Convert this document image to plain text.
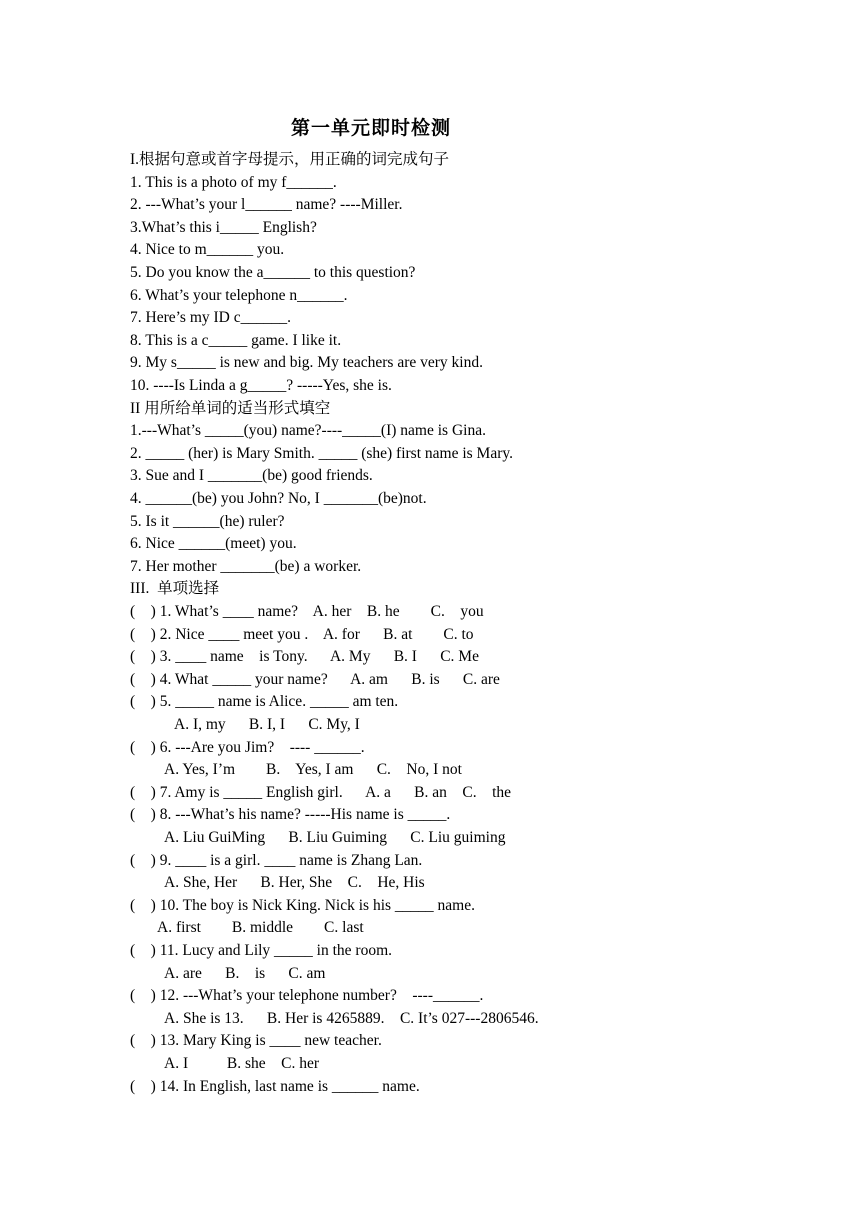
第一单元即时检测
I.根据句意或首字母提示，用正确的词完成句子
1. This is a photo of my f______.
2. ---What’s your l______ name? ----Miller.
3.What’s this i_____ English?
4. Nice to m______ you.
5. Do you know the a______ to this question?
6. What’s your telephone n______.
7. Here’s my ID c______.
8. This is a c_____ game. I like it.
9. My s_____ is new and big. My teachers are very kind.
10. ----Is Linda a g_____? -----Yes, she is.
II 用所给单词的适当形式填空
1.---What’s _____(you) name?----_____(I) name is Gina.
2. _____ (her) is Mary Smith. _____ (she) first name is Mary.
3. Sue and I _______(be) good friends.
4. ______(be) you John? No, I _______(be)not.
5. Is it ______(he) ruler?
6. Nice ______(meet) you.
7. Her mother _______(be) a worker.
III.  单项选择
(    ) 1. What’s ____ name?    A. her    B. he        C.    you
(    ) 2. Nice ____ meet you .    A. for      B. at        C. to
(    ) 3. ____ name    is Tony.      A. My      B. I      C. Me
(    ) 4. What _____ your name?      A. am      B. is      C. are
(    ) 5. _____ name is Alice. _____ am ten.
A. I, my      B. I, I      C. My, I
(    ) 6. ---Are you Jim?    ---- ______.
A. Yes, I’m        B.    Yes, I am      C.    No, I not
(    ) 7. Amy is _____ English girl.      A. a      B. an    C.    the
(    ) 8. ---What’s his name? -----His name is _____.
A. Liu GuiMing      B. Liu Guiming      C. Liu guiming
(    ) 9. ____ is a girl. ____ name is Zhang Lan.
A. She, Her      B. Her, She    C.    He, His
(    ) 10. The boy is Nick King. Nick is his _____ name.
A. first        B. middle        C. last
(    ) 11. Lucy and Lily _____ in the room.
A. are      B.    is      C. am
(    ) 12. ---What’s your telephone number?    ----______.
A. She is 13.      B. Her is 4265889.    C. It’s 027---2806546.
(    ) 13. Mary King is ____ new teacher.
A. I          B. she    C. her
(    ) 14. In English, last name is ______ name.
